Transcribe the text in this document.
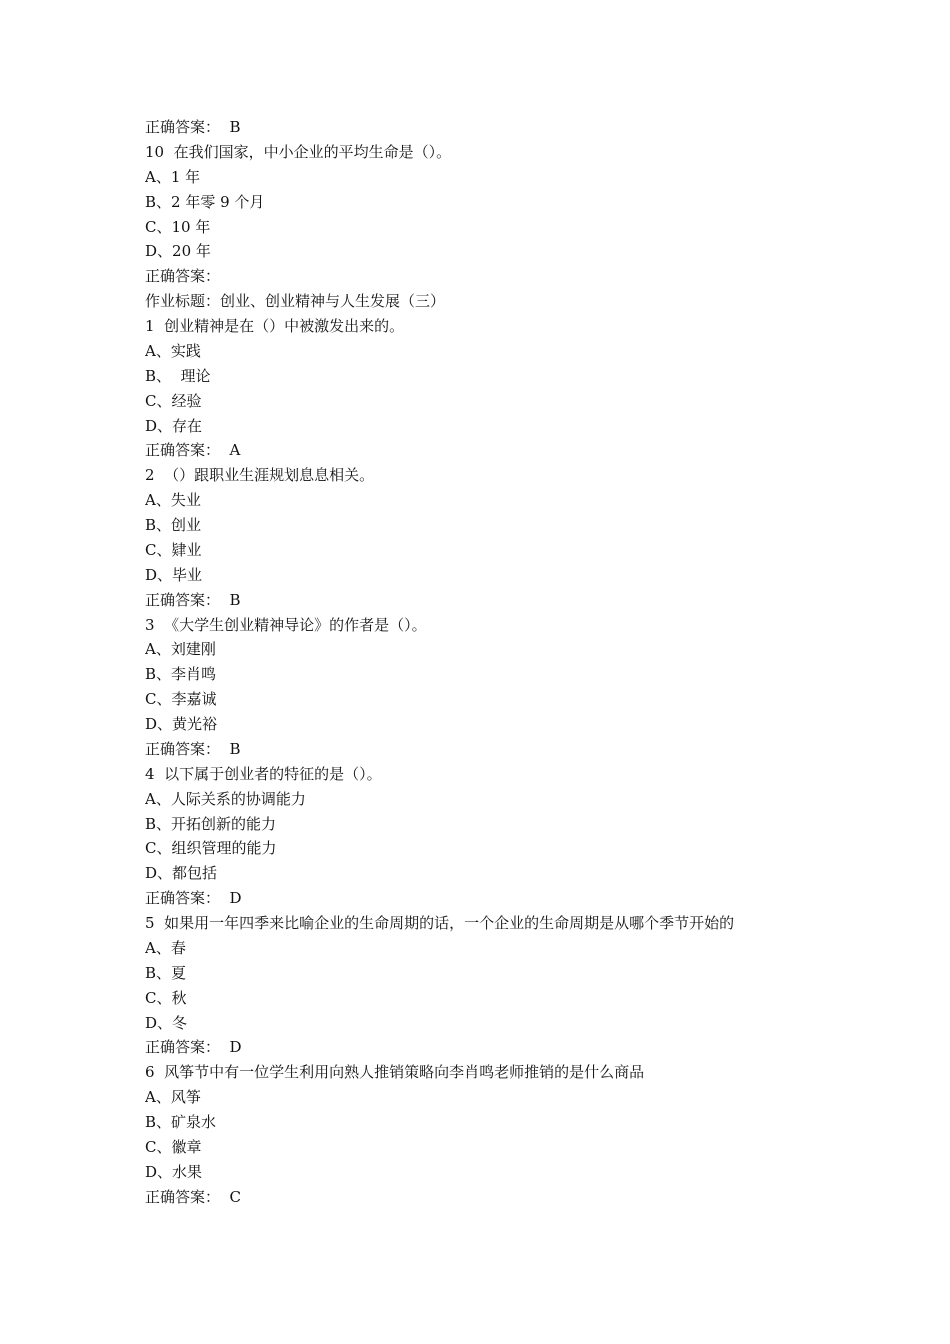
正确答案：  B
10  在我们国家，中小企业的平均生命是（）。
A、1 年
B、2 年零 9 个月
C、10 年
D、20 年
正确答案：
作业标题：创业、创业精神与人生发展（三）
1  创业精神是在（）中被激发出来的。
A、实践
B、  理论
C、经验
D、存在
正确答案：  A
2  （）跟职业生涯规划息息相关。
A、失业
B、创业
C、肄业
D、毕业
正确答案：  B
3  《大学生创业精神导论》的作者是（）。
A、刘建刚
B、李肖鸣
C、李嘉诚
D、黄光裕
正确答案：  B
4  以下属于创业者的特征的是（）。
A、人际关系的协调能力
B、开拓创新的能力
C、组织管理的能力
D、都包括
正确答案：  D
5  如果用一年四季来比喻企业的生命周期的话，一个企业的生命周期是从哪个季节开始的
A、春
B、夏
C、秋
D、冬
正确答案：  D
6  风筝节中有一位学生利用向熟人推销策略向李肖鸣老师推销的是什么商品
A、风筝
B、矿泉水
C、徽章
D、水果
正确答案：  C
